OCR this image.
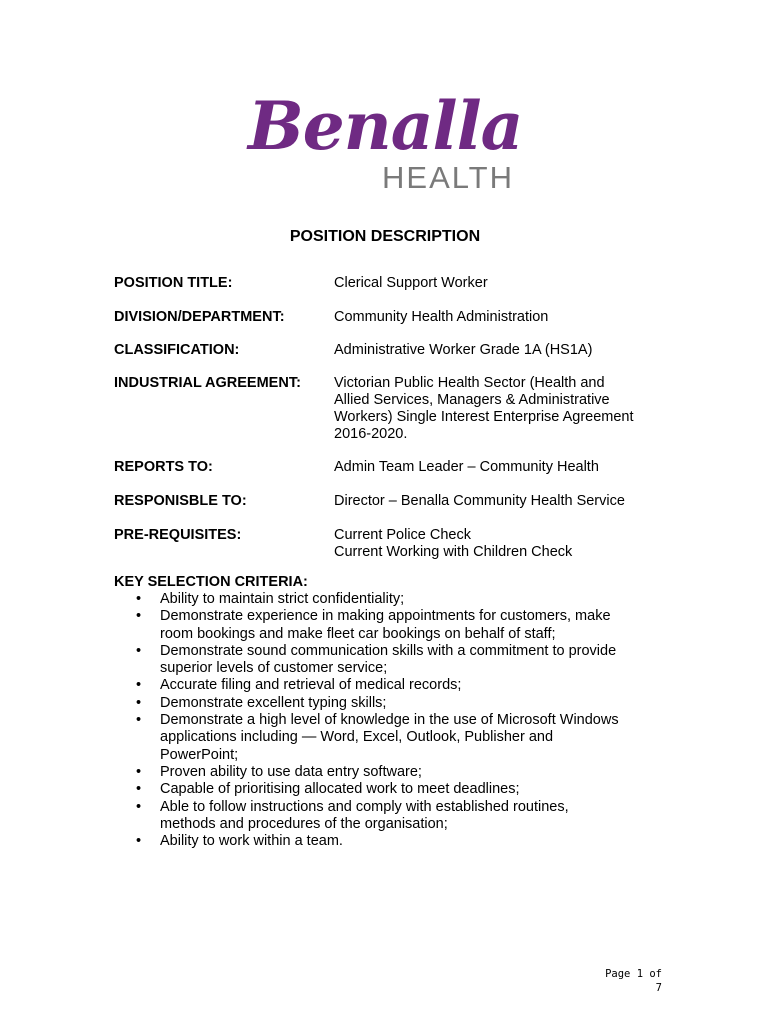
Benalla
HEALTH
POSITION DESCRIPTION
POSITION TITLE:	Clerical Support Worker
DIVISION/DEPARTMENT:	Community Health Administration
CLASSIFICATION:	Administrative Worker Grade 1A (HS1A)
INDUSTRIAL AGREEMENT:	Victorian Public Health Sector (Health and
Allied Services, Managers & Administrative
Workers) Single Interest Enterprise Agreement
2016-2020.
REPORTS TO:	Admin Team Leader – Community Health
RESPONISBLE TO:	Director – Benalla Community Health Service
PRE-REQUISITES:	Current Police Check
Current Working with Children Check
KEY SELECTION CRITERIA:
• Ability to maintain strict confidentiality;
• Demonstrate experience in making appointments for customers, make
room bookings and make fleet car bookings on behalf of staff;
• Demonstrate sound communication skills with a commitment to provide
superior levels of customer service;
• Accurate filing and retrieval of medical records;
• Demonstrate excellent typing skills;
• Demonstrate a high level of knowledge in the use of Microsoft Windows
applications including — Word, Excel, Outlook, Publisher and
PowerPoint;
• Proven ability to use data entry software;
• Capable of prioritising allocated work to meet deadlines;
• Able to follow instructions and comply with established routines,
methods and procedures of the organisation;
• Ability to work within a team.
Page 1 of 7
